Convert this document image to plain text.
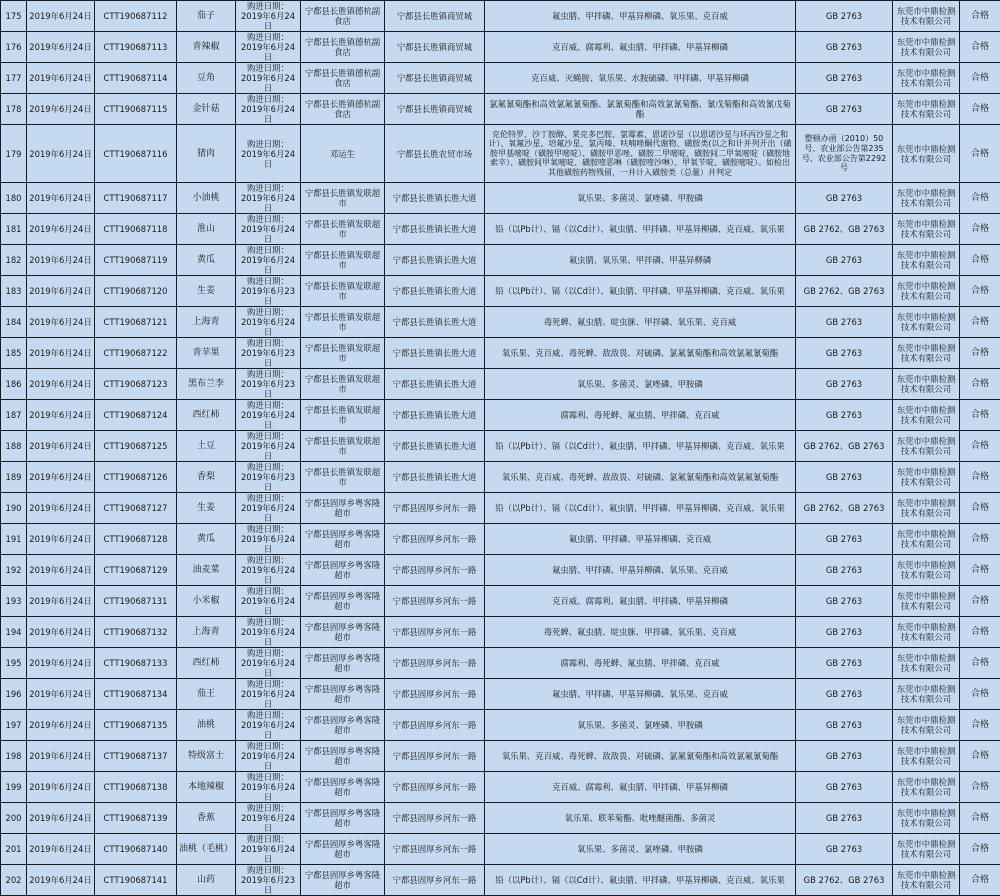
175	2019年6月24日	CTT190687112	茄子	购进日期：2019年6月24日	宁都县长胜镇德杭副食店	宁都县长胜镇商贸城	氟虫腈、甲拌磷、甲基异柳磷、氧乐果、克百威	GB 2763	东莞市中鼎检测技术有限公司	合格
176	2019年6月24日	CTT190687113	青辣椒	购进日期：2019年6月24日	宁都县长胜镇德杭副食店	宁都县长胜镇商贸城	克百威、腐霉利、氟虫腈、甲拌磷、甲基异柳磷	GB 2763	东莞市中鼎检测技术有限公司	合格
177	2019年6月24日	CTT190687114	豆角	购进日期：2019年6月24日	宁都县长胜镇德杭副食店	宁都县长胜镇商贸城	克百威、灭蝇胺、氧乐果、水胺硫磷、甲拌磷、甲基异柳磷	GB 2763	东莞市中鼎检测技术有限公司	合格
178	2019年6月24日	CTT190687115	金针菇	购进日期：2019年6月24日	宁都县长胜镇德杭副食店	宁都县长胜镇商贸城	氯氟氰菊酯和高效氯氟氰菊酯、氯氰菊酯和高效氯氰菊酯、氰戊菊酯和高效氰戊菊酯	GB 2763	东莞市中鼎检测技术有限公司	合格
179	2019年6月24日	CTT190687116	猪肉	购进日期：2019年6月24日	邓运生	宁都县长胜农贸市场	克伦特罗、沙丁胺醇、莱克多巴胺、氯霉素、恩诺沙星（以恩诺沙星与环丙沙星之和计）、氧氟沙星、培氟沙星、氯丙嗪、呋喃唑酮代谢物、磺胺类(以之和计并列开出（磺胺甲基嘧啶（磺胺甲嘧啶）、磺胺甲恶唑、磺胺二甲嘧啶、磺胺间二甲氧嘧啶（磺胺地索辛）、磺胺间甲氧嘧啶、磺胺喹恶啉（磺胺喹沙啉）、甲氧苄啶、磺胺嘧啶）。如检出其他磺胺药物残留，一并计入磺胺类（总量）并判定	整顿办函（2010）50号、农业部公告第235号、农业部公告第2292号	东莞市中鼎检测技术有限公司	合格
180	2019年6月24日	CTT190687117	小油桃	购进日期：2019年6月24日	宁都县长胜镇发联超市	宁都县长胜镇长胜大道	氧乐果、多菌灵、氯唑磷、甲胺磷	GB 2763	东莞市中鼎检测技术有限公司	合格
181	2019年6月24日	CTT190687118	淮山	购进日期：2019年6月24日	宁都县长胜镇发联超市	宁都县长胜镇长胜大道	铅（以Pb计）、镉（以Cd计）、氟虫腈、甲拌磷、甲基异柳磷、克百威、氧乐果	GB 2762、GB 2763	东莞市中鼎检测技术有限公司	合格
182	2019年6月24日	CTT190687119	黄瓜	购进日期：2019年6月24日	宁都县长胜镇发联超市	宁都县长胜镇长胜大道	氟虫腈、氧乐果、甲拌磷、甲基异柳磷	GB 2763	东莞市中鼎检测技术有限公司	合格
183	2019年6月24日	CTT190687120	生姜	购进日期：2019年6月23日	宁都县长胜镇发联超市	宁都县长胜镇长胜大道	铅（以Pb计）、镉（以Cd计）、氟虫腈、甲拌磷、甲基异柳磷、克百威、氧乐果	GB 2762、GB 2763	东莞市中鼎检测技术有限公司	合格
184	2019年6月24日	CTT190687121	上海青	购进日期：2019年6月24日	宁都县长胜镇发联超市	宁都县长胜镇长胜大道	毒死蜱、氟虫腈、啶虫脒、甲拌磷、氧乐果、克百威	GB 2763	东莞市中鼎检测技术有限公司	合格
185	2019年6月24日	CTT190687122	青苹果	购进日期：2019年6月23日	宁都县长胜镇发联超市	宁都县长胜镇长胜大道	氧乐果、克百威、毒死蜱、敌敌畏、对硫磷、氯氟氰菊酯和高效氯氟氰菊酯	GB 2763	东莞市中鼎检测技术有限公司	合格
186	2019年6月24日	CTT190687123	黑布兰李	购进日期：2019年6月23日	宁都县长胜镇发联超市	宁都县长胜镇长胜大道	氧乐果、多菌灵、氯唑磷、甲胺磷	GB 2763	东莞市中鼎检测技术有限公司	合格
187	2019年6月24日	CTT190687124	西红柿	购进日期：2019年6月24日	宁都县长胜镇发联超市	宁都县长胜镇长胜大道	腐霉利、毒死蜱、氟虫腈、甲拌磷、克百威	GB 2763	东莞市中鼎检测技术有限公司	合格
188	2019年6月24日	CTT190687125	土豆	购进日期：2019年6月24日	宁都县长胜镇发联超市	宁都县长胜镇长胜大道	铅（以Pb计）、镉（以Cd计）、氟虫腈、甲拌磷、甲基异柳磷、克百威、氧乐果	GB 2762、GB 2763	东莞市中鼎检测技术有限公司	合格
189	2019年6月24日	CTT190687126	香梨	购进日期：2019年6月23日	宁都县长胜镇发联超市	宁都县长胜镇长胜大道	氧乐果、克百威、毒死蜱、敌敌畏、对硫磷、氯氟氰菊酯和高效氯氟氰菊酯	GB 2763	东莞市中鼎检测技术有限公司	合格
190	2019年6月24日	CTT190687127	生姜	购进日期：2019年6月24日	宁都县固厚乡粤客隆超市	宁都县固厚乡河东一路	铅（以Pb计）、镉（以Cd计）、氟虫腈、甲拌磷、甲基异柳磷、克百威、氧乐果	GB 2762、GB 2763	东莞市中鼎检测技术有限公司	合格
191	2019年6月24日	CTT190687128	黄瓜	购进日期：2019年6月24日	宁都县固厚乡粤客隆超市	宁都县固厚乡河东一路	氟虫腈、甲拌磷、甲基异柳磷、克百威	GB 2763	东莞市中鼎检测技术有限公司	合格
192	2019年6月24日	CTT190687129	油麦菜	购进日期：2019年6月24日	宁都县固厚乡粤客隆超市	宁都县固厚乡河东一路	氟虫腈、甲拌磷、甲基异柳磷、氧乐果、克百威	GB 2763	东莞市中鼎检测技术有限公司	合格
193	2019年6月24日	CTT190687131	小米椒	购进日期：2019年6月24日	宁都县固厚乡粤客隆超市	宁都县固厚乡河东一路	克百威、腐霉利、氟虫腈、甲拌磷、甲基异柳磷	GB 2763	东莞市中鼎检测技术有限公司	合格
194	2019年6月24日	CTT190687132	上海青	购进日期：2019年6月24日	宁都县固厚乡粤客隆超市	宁都县固厚乡河东一路	毒死蜱、氟虫腈、啶虫脒、甲拌磷、氧乐果、克百威	GB 2763	东莞市中鼎检测技术有限公司	合格
195	2019年6月24日	CTT190687133	西红柿	购进日期：2019年6月24日	宁都县固厚乡粤客隆超市	宁都县固厚乡河东一路	腐霉利、毒死蜱、氟虫腈、甲拌磷、克百威	GB 2763	东莞市中鼎检测技术有限公司	合格
196	2019年6月24日	CTT190687134	茄王	购进日期：2019年6月24日	宁都县固厚乡粤客隆超市	宁都县固厚乡河东一路	氟虫腈、甲拌磷、甲基异柳磷、氧乐果、克百威	GB 2763	东莞市中鼎检测技术有限公司	合格
197	2019年6月24日	CTT190687135	油桃	购进日期：2019年6月24日	宁都县固厚乡粤客隆超市	宁都县固厚乡河东一路	氧乐果、多菌灵、氯唑磷、甲胺磷	GB 2763	东莞市中鼎检测技术有限公司	合格
198	2019年6月24日	CTT190687137	特级富士	购进日期：2019年6月24日	宁都县固厚乡粤客隆超市	宁都县固厚乡河东一路	氧乐果、克百威、毒死蜱、敌敌畏、对硫磷、氯氟氰菊酯和高效氯氟氰菊酯	GB 2763	东莞市中鼎检测技术有限公司	合格
199	2019年6月24日	CTT190687138	本地辣椒	购进日期：2019年6月24日	宁都县固厚乡粤客隆超市	宁都县固厚乡河东一路	克百威、腐霉利、氟虫腈、甲拌磷、甲基异柳磷	GB 2763	东莞市中鼎检测技术有限公司	合格
200	2019年6月24日	CTT190687139	香蕉	购进日期：2019年6月24日	宁都县固厚乡粤客隆超市	宁都县固厚乡河东一路	氧乐果、联苯菊酯、吡唑醚菌酯、多菌灵	GB 2763	东莞市中鼎检测技术有限公司	合格
201	2019年6月24日	CTT190687140	油桃（毛桃）	购进日期：2019年6月24日	宁都县固厚乡粤客隆超市	宁都县固厚乡河东一路	氧乐果、多菌灵、氯唑磷、甲胺磷	GB 2763	东莞市中鼎检测技术有限公司	合格
202	2019年6月24日	CTT190687141	山药	购进日期：2019年6月23日	宁都县固厚乡粤客隆超市	宁都县固厚乡河东一路	铅（以Pb计）、镉（以Cd计）、氟虫腈、甲拌磷、甲基异柳磷、克百威、氧乐果	GB 2762、GB 2763	东莞市中鼎检测技术有限公司	合格
